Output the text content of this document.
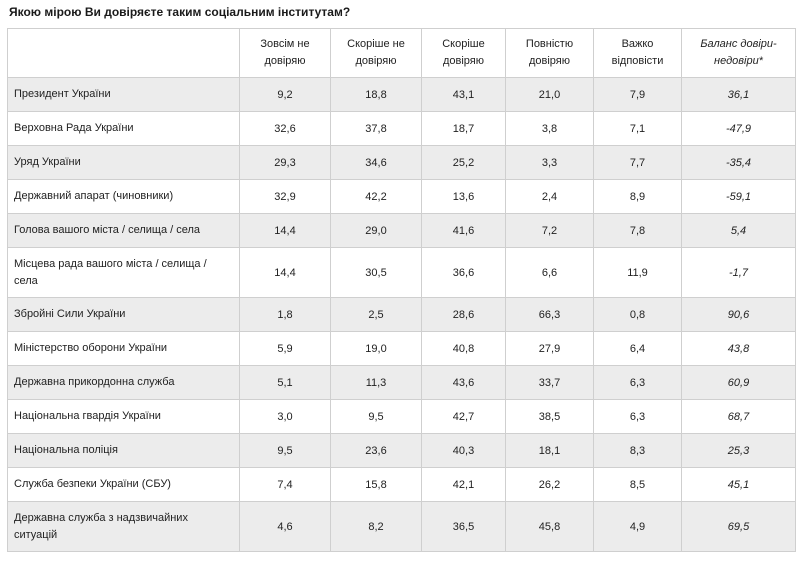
Якою мірою Ви довіряєте таким соціальним інститутам?
	Зовсім не довіряю	Скоріше не довіряю	Скоріше довіряю	Повністю довіряю	Важко відповісти	Баланс довіри-недовіри*
Президент України	9,2	18,8	43,1	21,0	7,9	36,1
Верховна Рада України	32,6	37,8	18,7	3,8	7,1	-47,9
Уряд України	29,3	34,6	25,2	3,3	7,7	-35,4
Державний апарат (чиновники)	32,9	42,2	13,6	2,4	8,9	-59,1
Голова вашого міста / селища / села	14,4	29,0	41,6	7,2	7,8	5,4
Місцева рада вашого міста / селища / села	14,4	30,5	36,6	6,6	11,9	-1,7
Збройні Сили України	1,8	2,5	28,6	66,3	0,8	90,6
Міністерство оборони України	5,9	19,0	40,8	27,9	6,4	43,8
Державна прикордонна служба	5,1	11,3	43,6	33,7	6,3	60,9
Національна гвардія України	3,0	9,5	42,7	38,5	6,3	68,7
Національна поліція	9,5	23,6	40,3	18,1	8,3	25,3
Служба безпеки України (СБУ)	7,4	15,8	42,1	26,2	8,5	45,1
Державна служба з надзвичайних ситуацій	4,6	8,2	36,5	45,8	4,9	69,5
